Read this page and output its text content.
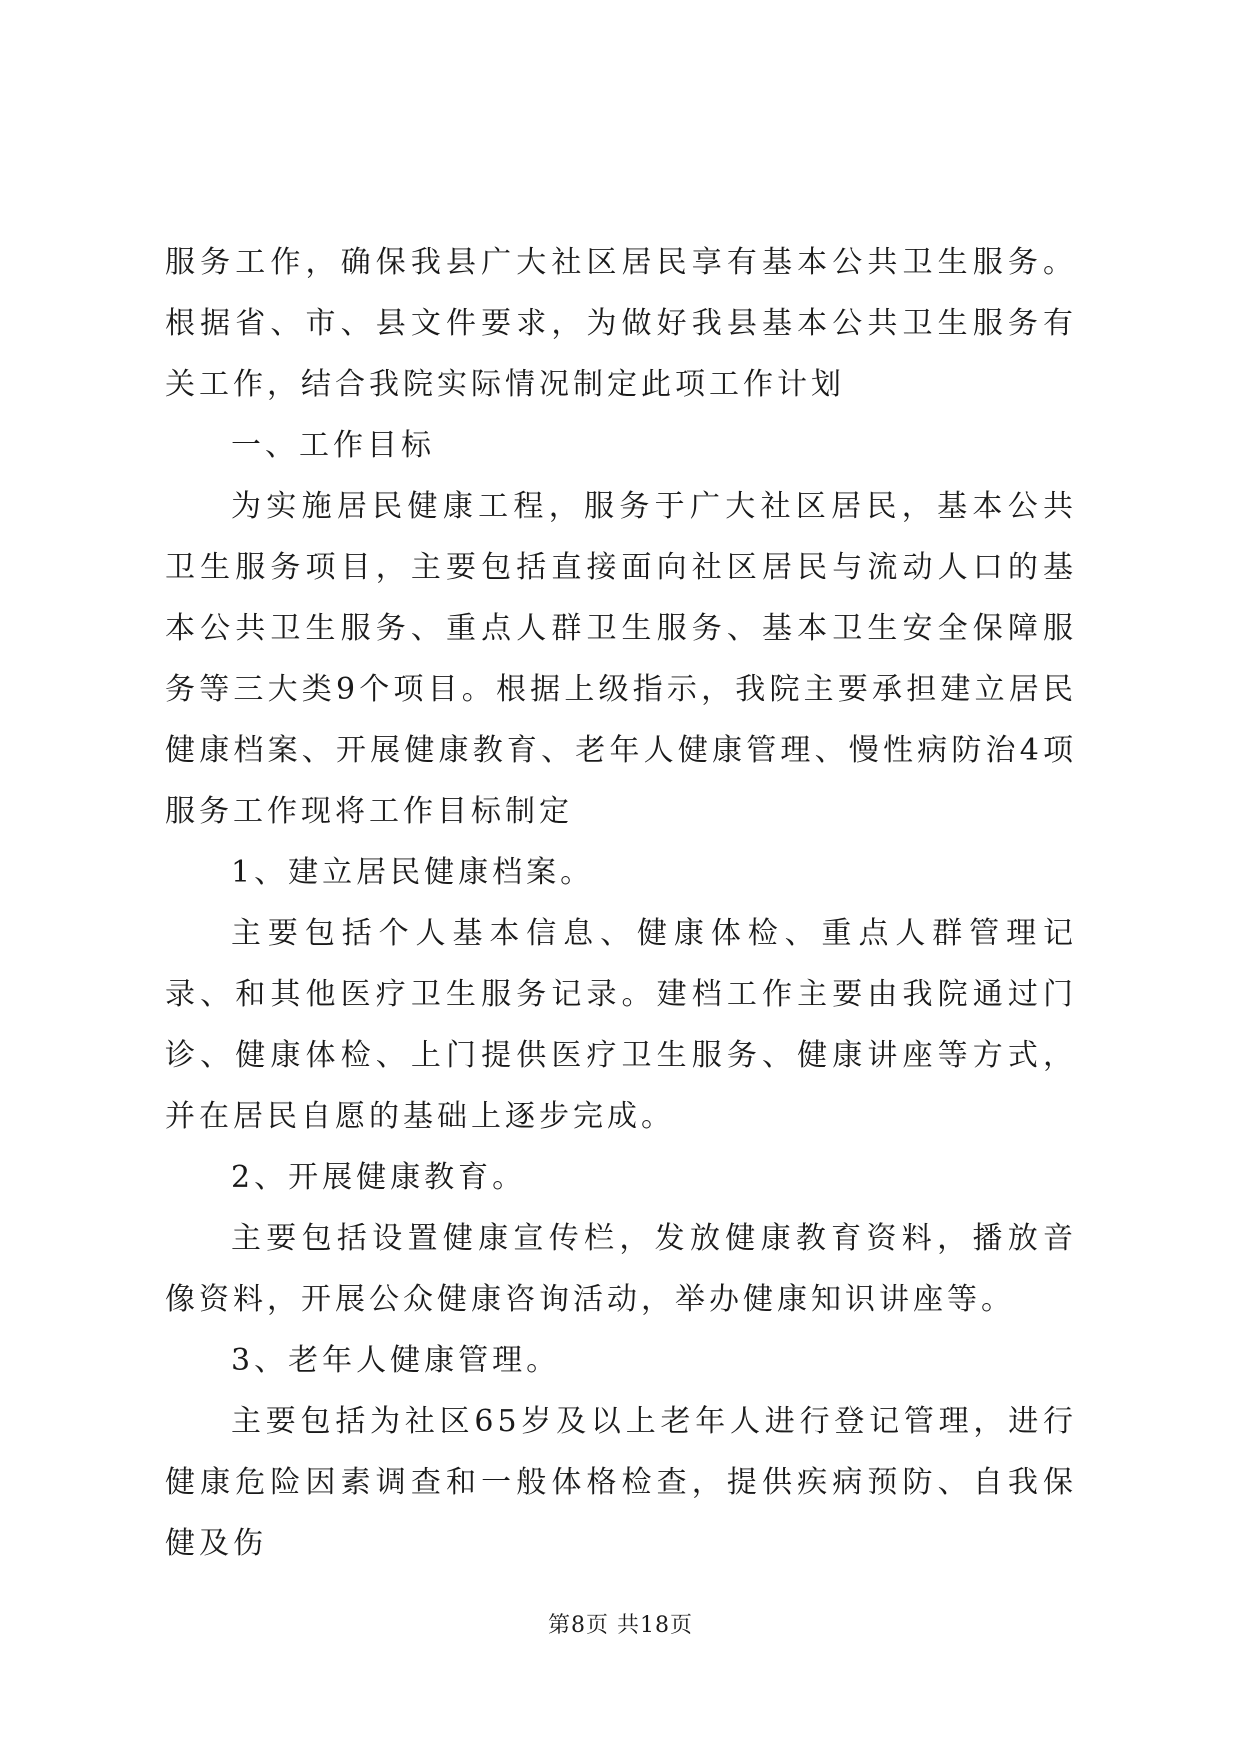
服务工作，确保我县广大社区居民享有基本公共卫生服务。根据省、市、县文件要求，为做好我县基本公共卫生服务有关工作，结合我院实际情况制定此项工作计划

一、工作目标

为实施居民健康工程，服务于广大社区居民，基本公共卫生服务项目，主要包括直接面向社区居民与流动人口的基本公共卫生服务、重点人群卫生服务、基本卫生安全保障服务等三大类9个项目。根据上级指示，我院主要承担建立居民健康档案、开展健康教育、老年人健康管理、慢性病防治4项服务工作现将工作目标制定

1、建立居民健康档案。

主要包括个人基本信息、健康体检、重点人群管理记录、和其他医疗卫生服务记录。建档工作主要由我院通过门诊、健康体检、上门提供医疗卫生服务、健康讲座等方式，并在居民自愿的基础上逐步完成。

2、开展健康教育。

主要包括设置健康宣传栏，发放健康教育资料，播放音像资料，开展公众健康咨询活动，举办健康知识讲座等。

3、老年人健康管理。

主要包括为社区65岁及以上老年人进行登记管理，进行健康危险因素调查和一般体格检查，提供疾病预防、自我保健及伤

第8页 共18页
